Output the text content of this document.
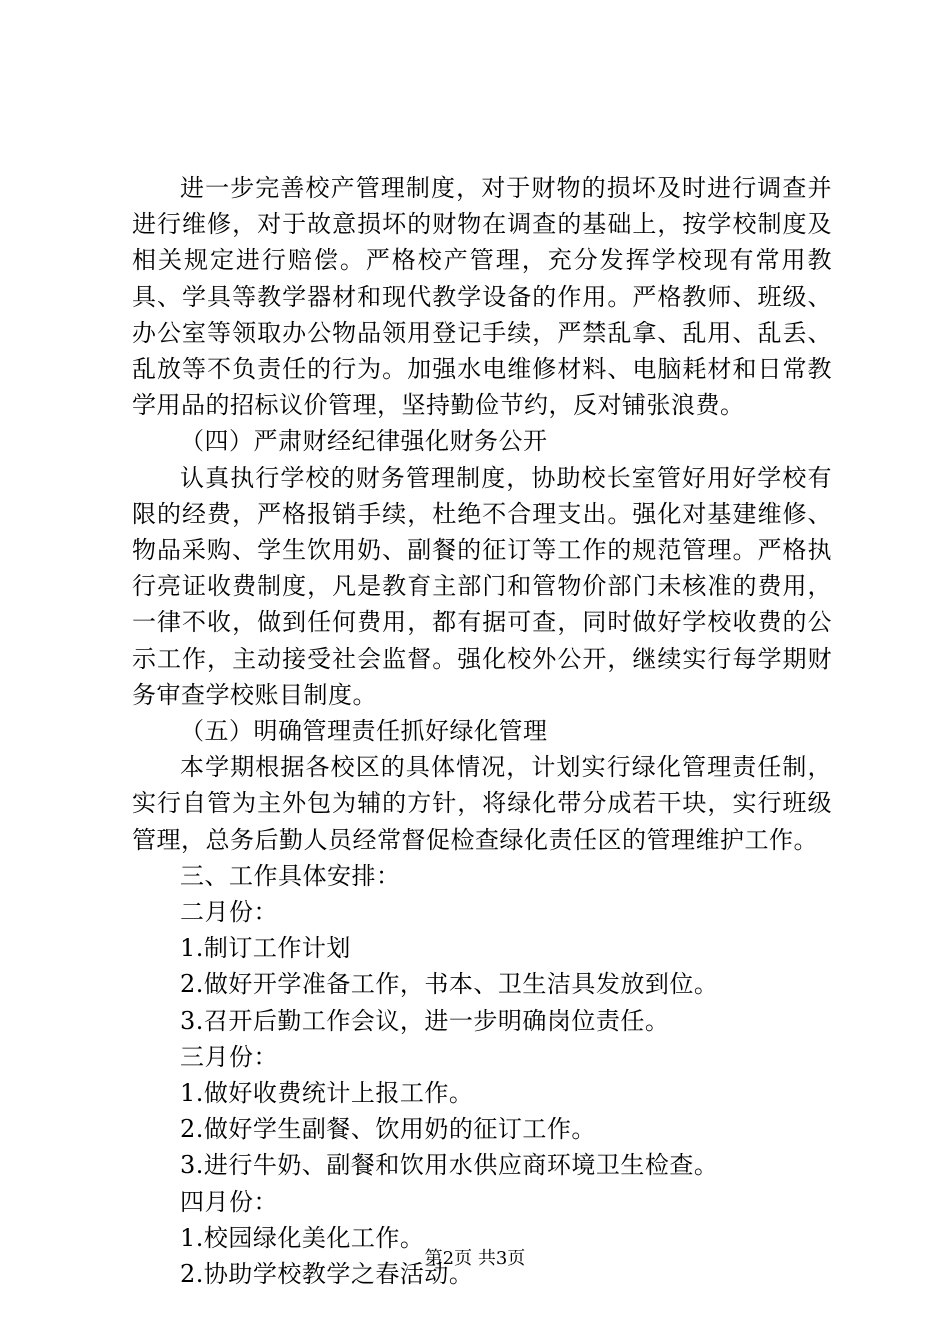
进一步完善校产管理制度，对于财物的损坏及时进行调查并进行维修，对于故意损坏的财物在调查的基础上，按学校制度及相关规定进行赔偿。严格校产管理，充分发挥学校现有常用教具、学具等教学器材和现代教学设备的作用。严格教师、班级、办公室等领取办公物品领用登记手续，严禁乱拿、乱用、乱丢、乱放等不负责任的行为。加强水电维修材料、电脑耗材和日常教学用品的招标议价管理，坚持勤俭节约，反对铺张浪费。

（四）严肃财经纪律强化财务公开

认真执行学校的财务管理制度，协助校长室管好用好学校有限的经费，严格报销手续，杜绝不合理支出。强化对基建维修、物品采购、学生饮用奶、副餐的征订等工作的规范管理。严格执行亮证收费制度，凡是教育主部门和管物价部门未核准的费用，一律不收，做到任何费用，都有据可查，同时做好学校收费的公示工作，主动接受社会监督。强化校外公开，继续实行每学期财务审查学校账目制度。

（五）明确管理责任抓好绿化管理

本学期根据各校区的具体情况，计划实行绿化管理责任制，实行自管为主外包为辅的方针，将绿化带分成若干块，实行班级管理，总务后勤人员经常督促检查绿化责任区的管理维护工作。

三、工作具体安排：

二月份：

1.制订工作计划

2.做好开学准备工作，书本、卫生洁具发放到位。

3.召开后勤工作会议，进一步明确岗位责任。

三月份：

1.做好收费统计上报工作。

2.做好学生副餐、饮用奶的征订工作。

3.进行牛奶、副餐和饮用水供应商环境卫生检查。

四月份：

1.校园绿化美化工作。

2.协助学校教学之春活动。

第2页 共3页
